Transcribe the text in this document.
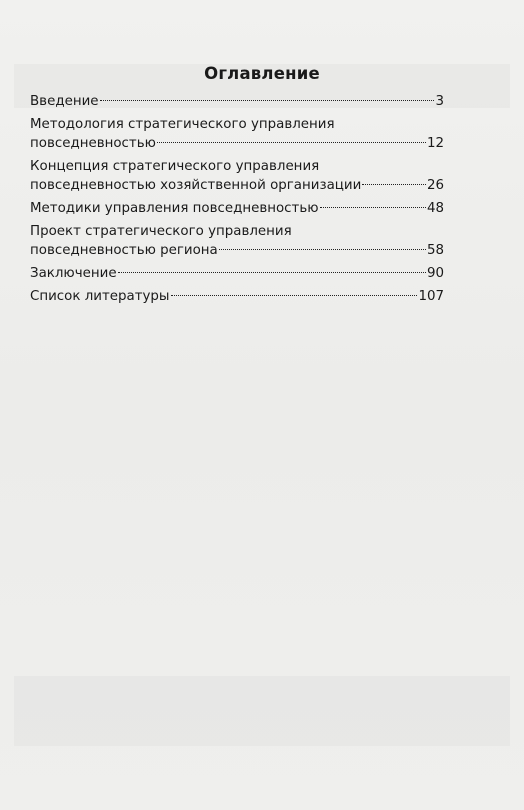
Оглавление
Введение	3
Методология стратегического управления
повседневностью	12
Концепция стратегического управления
повседневностью хозяйственной организации	26
Методики управления повседневностью	48
Проект стратегического управления
повседневностью региона	58
Заключение	90
Список литературы	107
